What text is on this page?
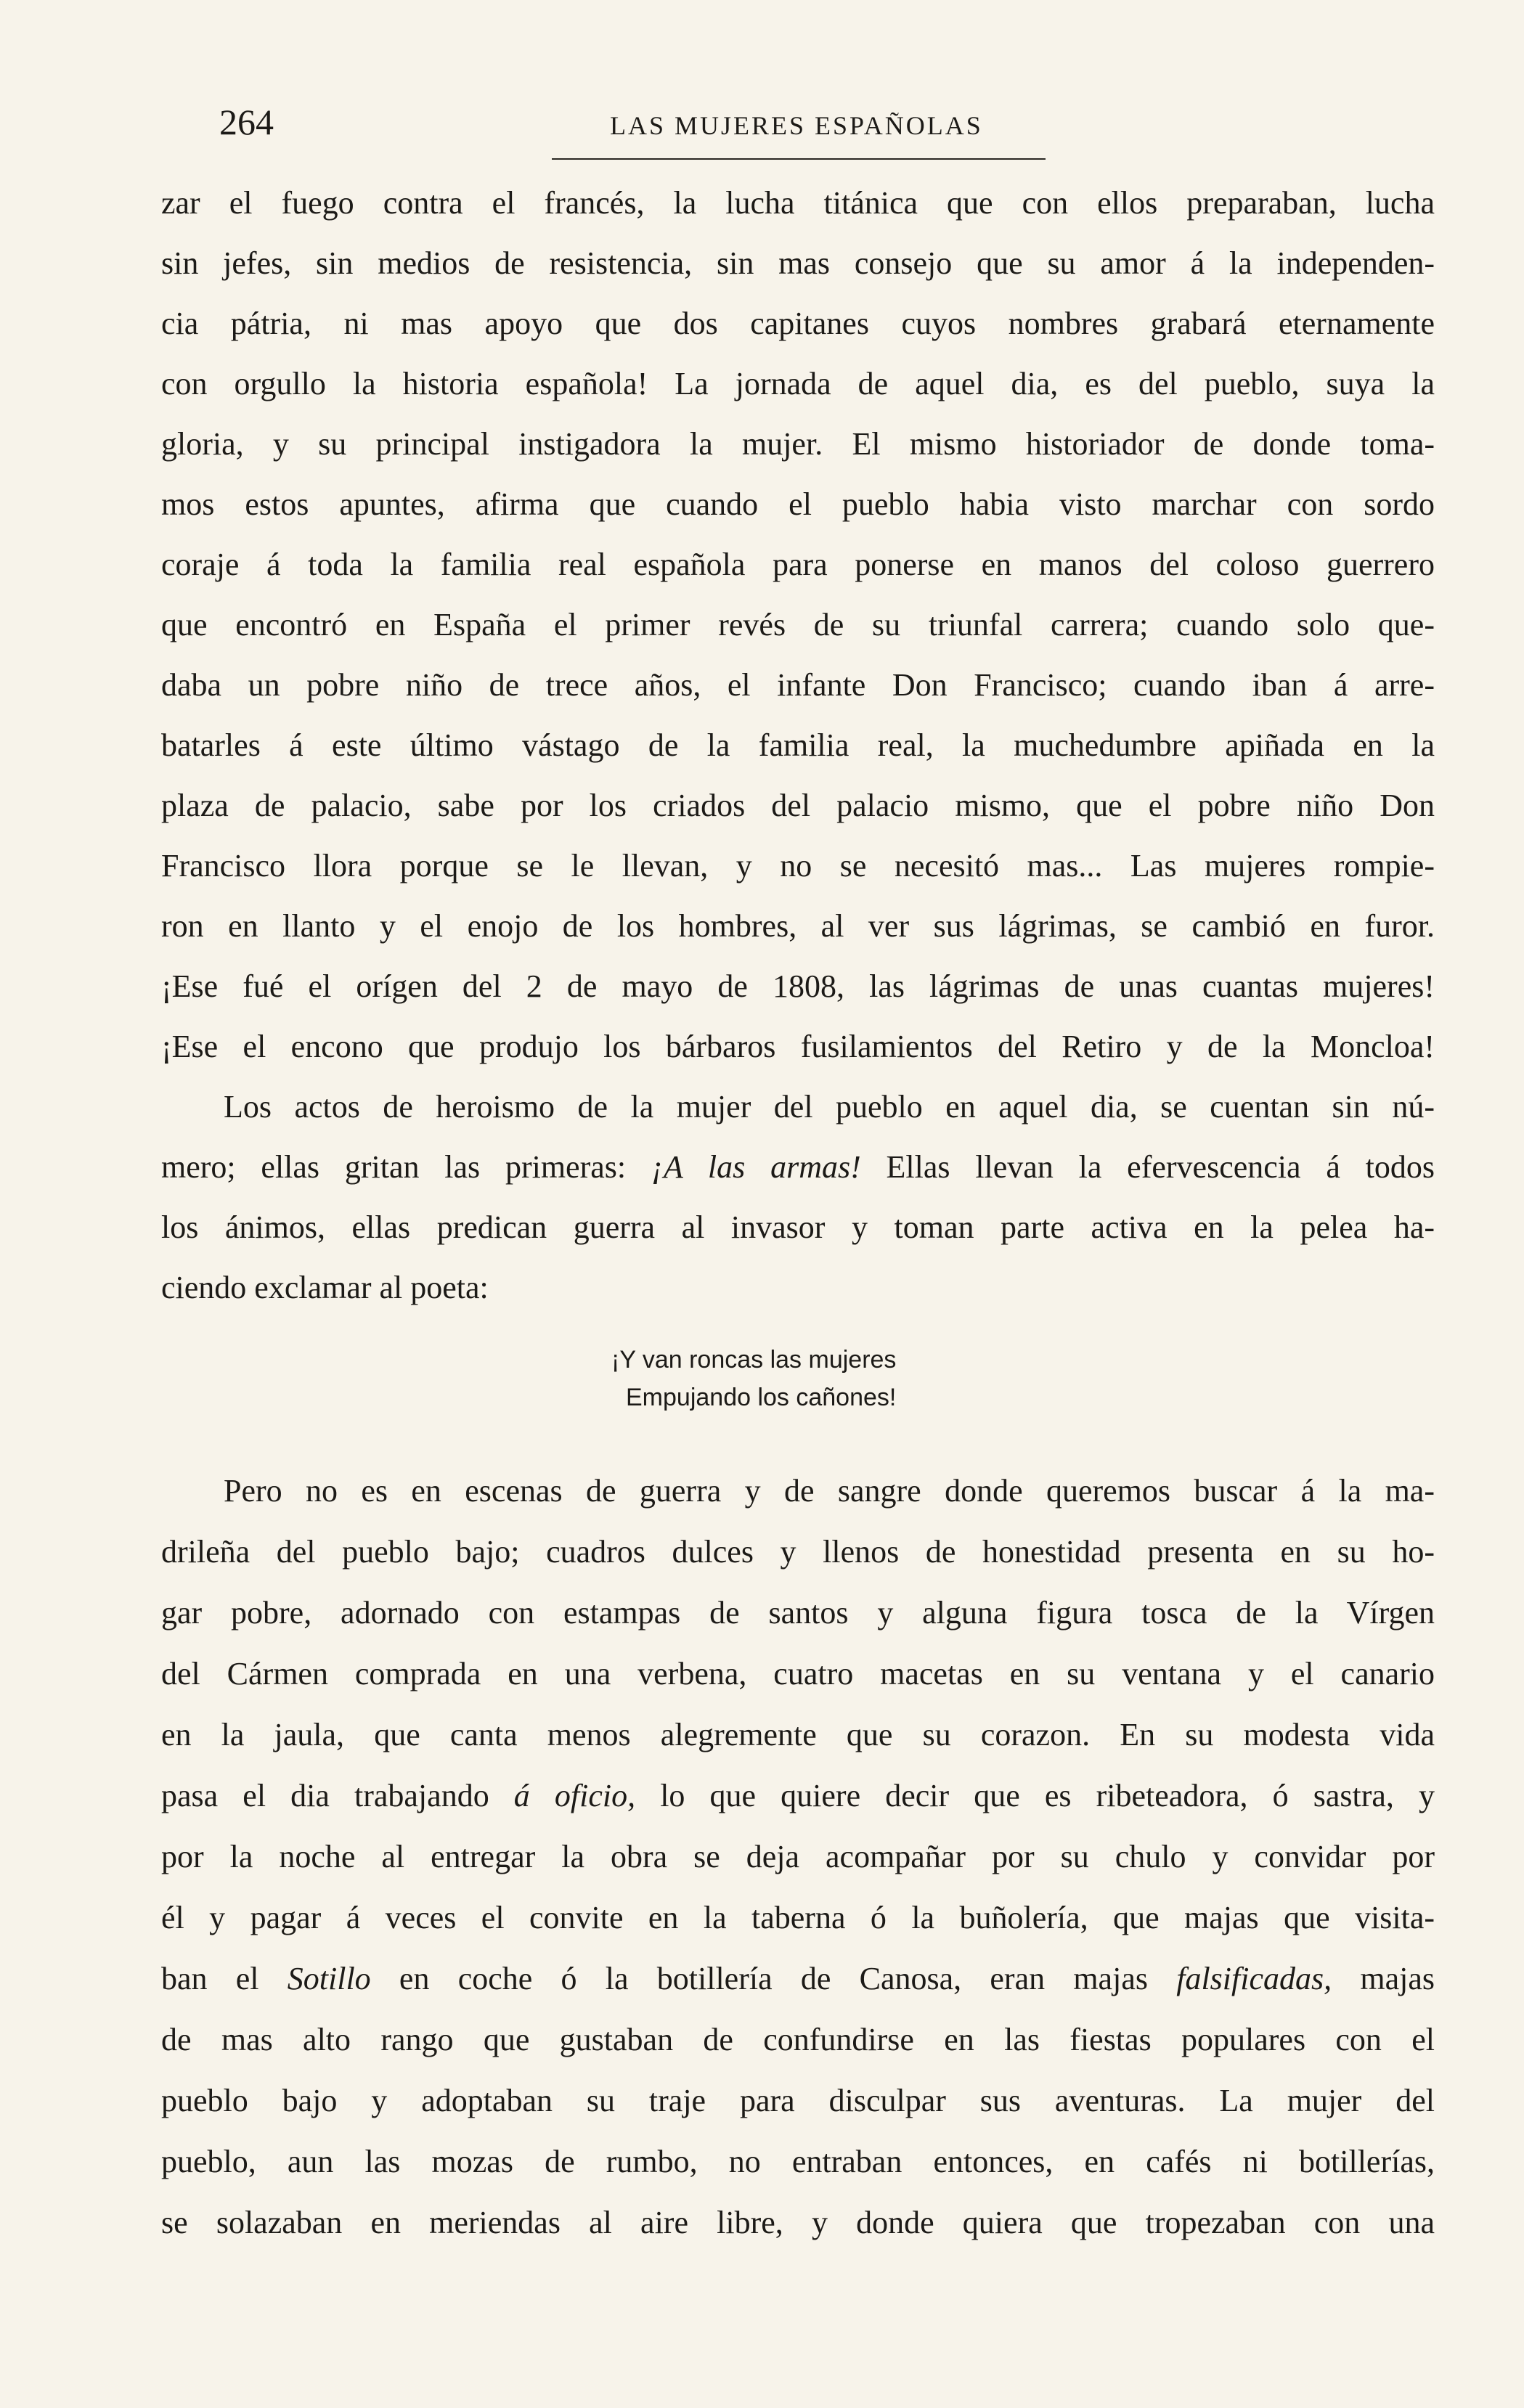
264	LAS MUJERES ESPAÑOLAS
zar el fuego contra el francés, la lucha titánica que con ellos preparaban, lucha
sin jefes, sin medios de resistencia, sin mas consejo que su amor á la independen-
cia pátria, ni mas apoyo que dos capitanes cuyos nombres grabará eternamente
con orgullo la historia española! La jornada de aquel dia, es del pueblo, suya la
gloria, y su principal instigadora la mujer. El mismo historiador de donde toma-
mos estos apuntes, afirma que cuando el pueblo habia visto marchar con sordo
coraje á toda la familia real española para ponerse en manos del coloso guerrero
que encontró en España el primer revés de su triunfal carrera; cuando solo que-
daba un pobre niño de trece años, el infante Don Francisco; cuando iban á arre-
batarles á este último vástago de la familia real, la muchedumbre apiñada en la
plaza de palacio, sabe por los criados del palacio mismo, que el pobre niño Don
Francisco llora porque se le llevan, y no se necesitó mas... Las mujeres rompie-
ron en llanto y el enojo de los hombres, al ver sus lágrimas, se cambió en furor.
¡Ese fué el orígen del 2 de mayo de 1808, las lágrimas de unas cuantas mujeres!
¡Ese el encono que produjo los bárbaros fusilamientos del Retiro y de la Moncloa!
Los actos de heroismo de la mujer del pueblo en aquel dia, se cuentan sin nú-
mero; ellas gritan las primeras: ¡A las armas! Ellas llevan la efervescencia á todos
los ánimos, ellas predican guerra al invasor y toman parte activa en la pelea ha-
ciendo exclamar al poeta:
¡Y van roncas las mujeres
Empujando los cañones!
Pero no es en escenas de guerra y de sangre donde queremos buscar á la ma-
drileña del pueblo bajo; cuadros dulces y llenos de honestidad presenta en su ho-
gar pobre, adornado con estampas de santos y alguna figura tosca de la Vírgen
del Cármen comprada en una verbena, cuatro macetas en su ventana y el canario
en la jaula, que canta menos alegremente que su corazon. En su modesta vida
pasa el dia trabajando á oficio, lo que quiere decir que es ribeteadora, ó sastra, y
por la noche al entregar la obra se deja acompañar por su chulo y convidar por
él y pagar á veces el convite en la taberna ó la buñolería, que majas que visita-
ban el Sotillo en coche ó la botillería de Canosa, eran majas falsificadas, majas
de mas alto rango que gustaban de confundirse en las fiestas populares con el
pueblo bajo y adoptaban su traje para disculpar sus aventuras. La mujer del
pueblo, aun las mozas de rumbo, no entraban entonces, en cafés ni botillerías,
se solazaban en meriendas al aire libre, y donde quiera que tropezaban con una
